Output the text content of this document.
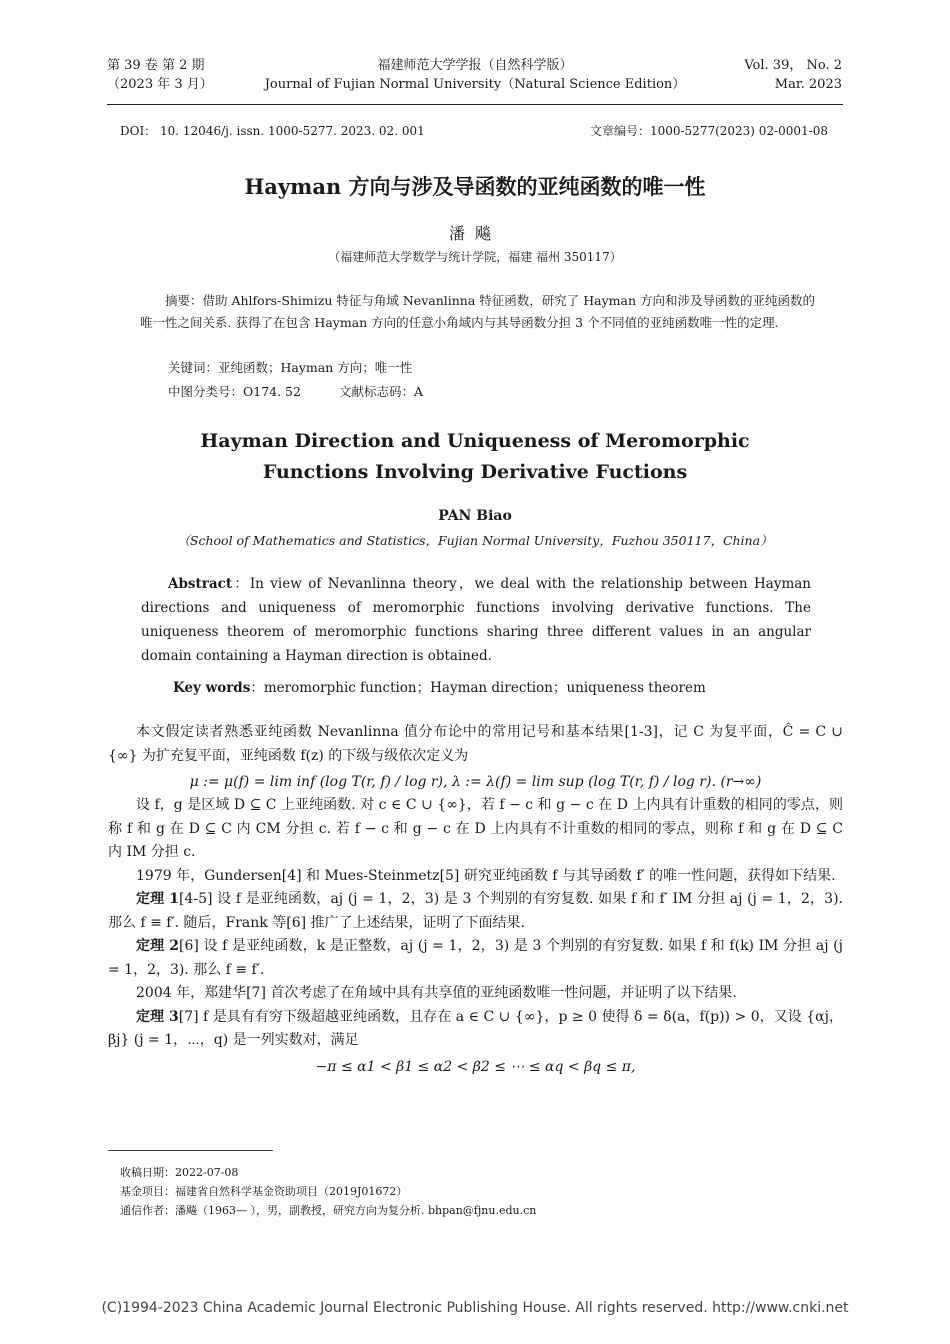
第 39 卷 第 2 期
（2023 年 3 月）
福建师范大学学报（自然科学版）
Journal of Fujian Normal University（Natural Science Edition）
Vol. 39， No. 2
Mar. 2023
DOI： 10. 12046/j. issn. 1000-5277. 2023. 02. 001	文章编号：1000-5277(2023) 02-0001-08
Hayman 方向与涉及导函数的亚纯函数的唯一性
潘飚
（福建师范大学数学与统计学院，福建 福州 350117）

摘要：借助 Ahlfors-Shimizu 特征与角域 Nevanlinna 特征函数，研究了 Hayman 方向和涉及导函数的亚纯函数的唯一性之间关系. 获得了在包含 Hayman 方向的任意小角域内与其导函数分担 3 个不同值的亚纯函数唯一性的定理.

关键词：亚纯函数；Hayman 方向；唯一性
中图分类号：O174. 52	文献标志码：A
Hayman Direction and Uniqueness of Meromorphic
Functions Involving Derivative Fuctions
PAN Biao
（School of Mathematics and Statistics，Fujian Normal University，Fuzhou 350117，China）

Abstract：In view of Nevanlinna theory，we deal with the relationship between Hayman directions and uniqueness of meromorphic functions involving derivative functions. The uniqueness theorem of meromorphic functions sharing three different values in an angular domain containing a Hayman direction is obtained.

Key words：meromorphic function；Hayman direction；uniqueness theorem

本文假定读者熟悉亚纯函数 Nevanlinna 值分布论中的常用记号和基本结果[1-3]，记 C 为复平面，Ĉ = C ∪ {∞} 为扩充复平面，亚纯函数 f(z) 的下级与级依次定义为

μ := μ(f) = lim inf (log T(r, f) / log r), λ := λ(f) = lim sup (log T(r, f) / log r). (r→∞)

设 f，g 是区域 D ⊆ C 上亚纯函数. 对 c ∈ C ∪ {∞}，若 f − c 和 g − c 在 D 上内具有计重数的相同的零点，则称 f 和 g 在 D ⊆ C 内 CM 分担 c. 若 f − c 和 g − c 在 D 上内具有不计重数的相同的零点，则称 f 和 g 在 D ⊆ C 内 IM 分担 c.

1979 年，Gundersen[4] 和 Mues-Steinmetz[5] 研究亚纯函数 f 与其导函数 f′ 的唯一性问题，获得如下结果.

定理 1[4-5] 设 f 是亚纯函数，aj (j = 1，2，3) 是 3 个判别的有穷复数. 如果 f 和 f′ IM 分担 aj (j = 1，2，3). 那么 f ≡ f′. 随后，Frank 等[6] 推广了上述结果，证明了下面结果.

定理 2[6] 设 f 是亚纯函数，k 是正整数，aj (j = 1，2，3) 是 3 个判别的有穷复数. 如果 f 和 f(k) IM 分担 aj (j = 1，2，3). 那么 f ≡ f′.

2004 年，郑建华[7] 首次考虑了在角域中具有共享值的亚纯函数唯一性问题，并证明了以下结果.

定理 3[7] f 是具有有穷下级超越亚纯函数，且存在 a ∈ C ∪ {∞}，p ≥ 0 使得 δ = δ(a，f(p)) > 0，又设 {αj，βj} (j = 1，⋯，q) 是一列实数对，满足

−π ≤ α1 < β1 ≤ α2 < β2 ≤ ⋯ ≤ αq < βq ≤ π,
收稿日期：2022-07-08
基金项目：福建省自然科学基金资助项目（2019J01672）
通信作者：潘飚（1963— ），男，副教授，研究方向为复分析. bhpan@fjnu.edu.cn
(C)1994-2023 China Academic Journal Electronic Publishing House. All rights reserved. http://www.cnki.net
